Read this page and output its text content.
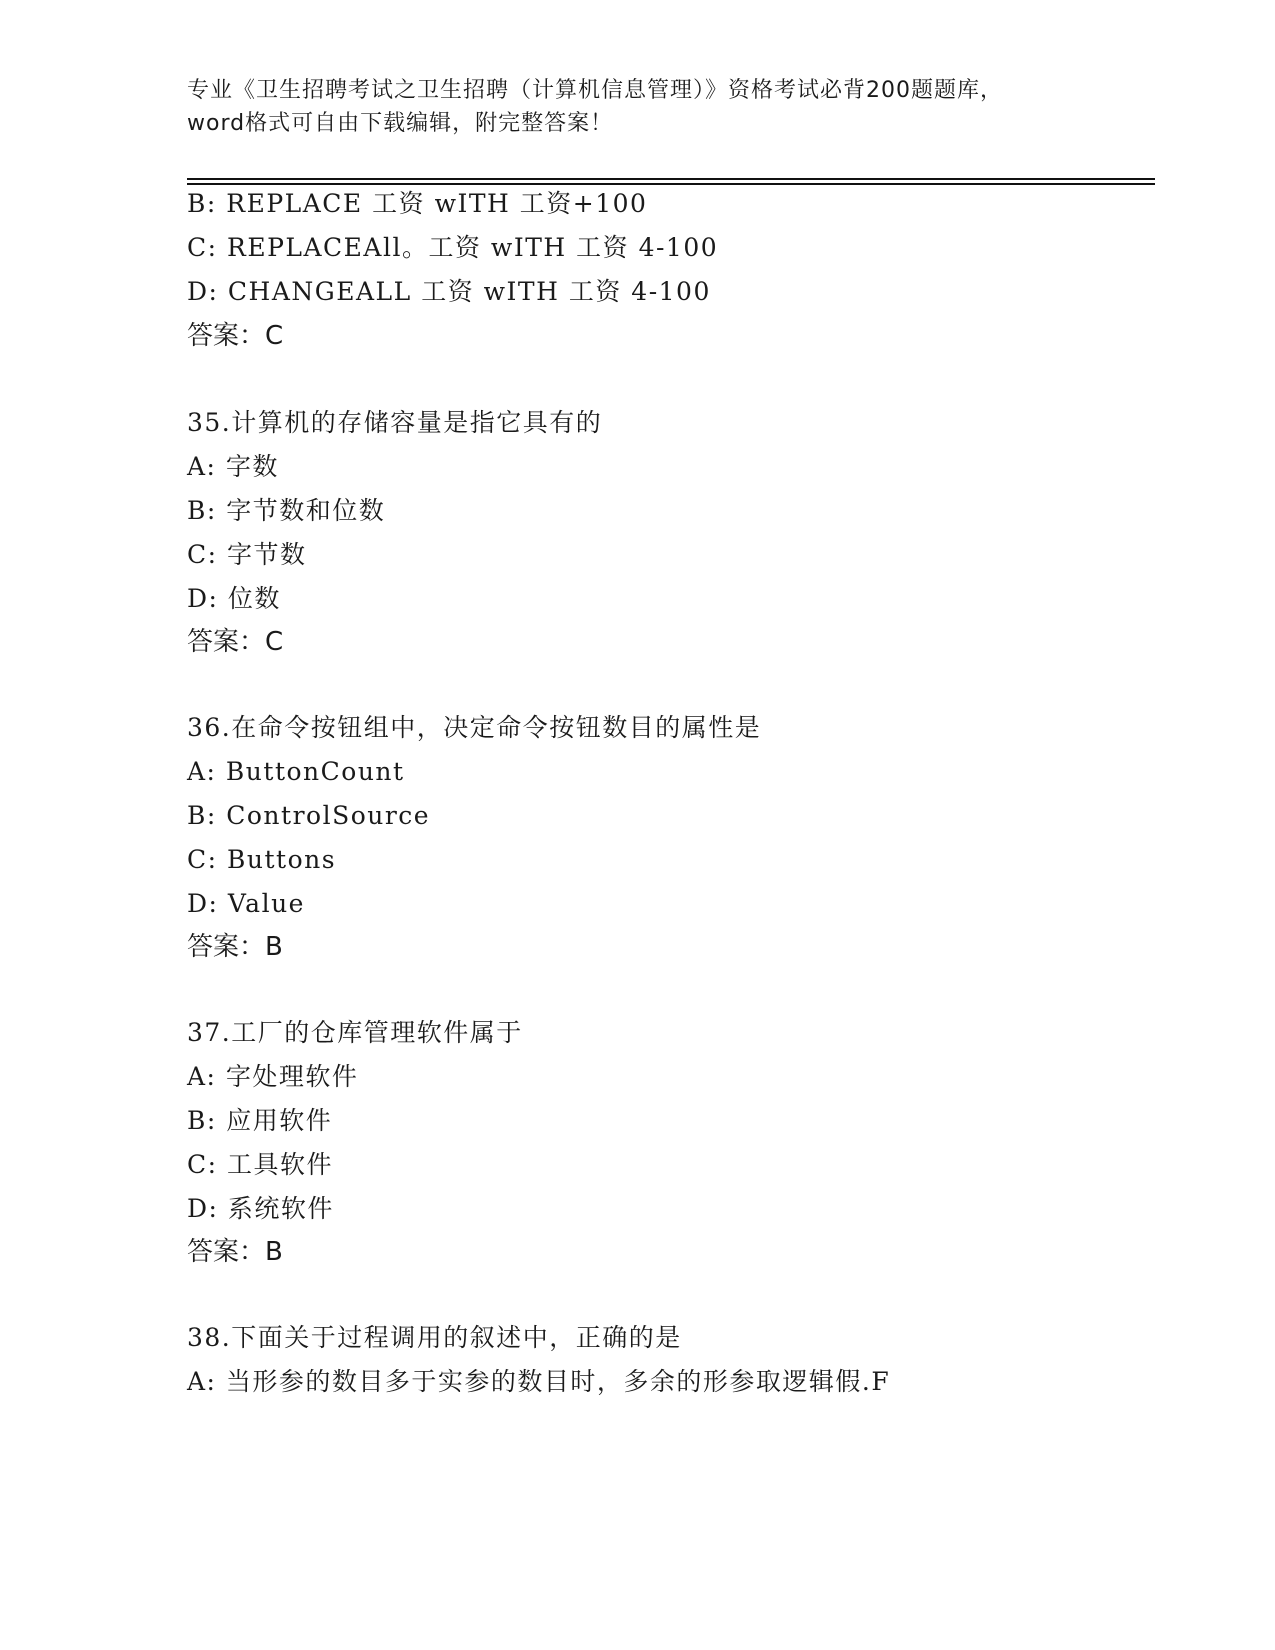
专业《卫生招聘考试之卫生招聘（计算机信息管理）》资格考试必背200题题库，
word格式可自由下载编辑，附完整答案！
B: REPLACE 工资 wITH 工资+100
C: REPLACEAll。工资 wITH 工资 4-100
D: CHANGEALL 工资 wITH 工资 4-100
答案：C
35.计算机的存储容量是指它具有的
A: 字数
B: 字节数和位数
C: 字节数
D: 位数
答案：C
36.在命令按钮组中，决定命令按钮数目的属性是
A: ButtonCount
B: ControlSource
C: Buttons
D: Value
答案：B
37.工厂的仓库管理软件属于
A: 字处理软件
B: 应用软件
C: 工具软件
D: 系统软件
答案：B
38.下面关于过程调用的叙述中，正确的是
A: 当形参的数目多于实参的数目时，多余的形参取逻辑假.F
